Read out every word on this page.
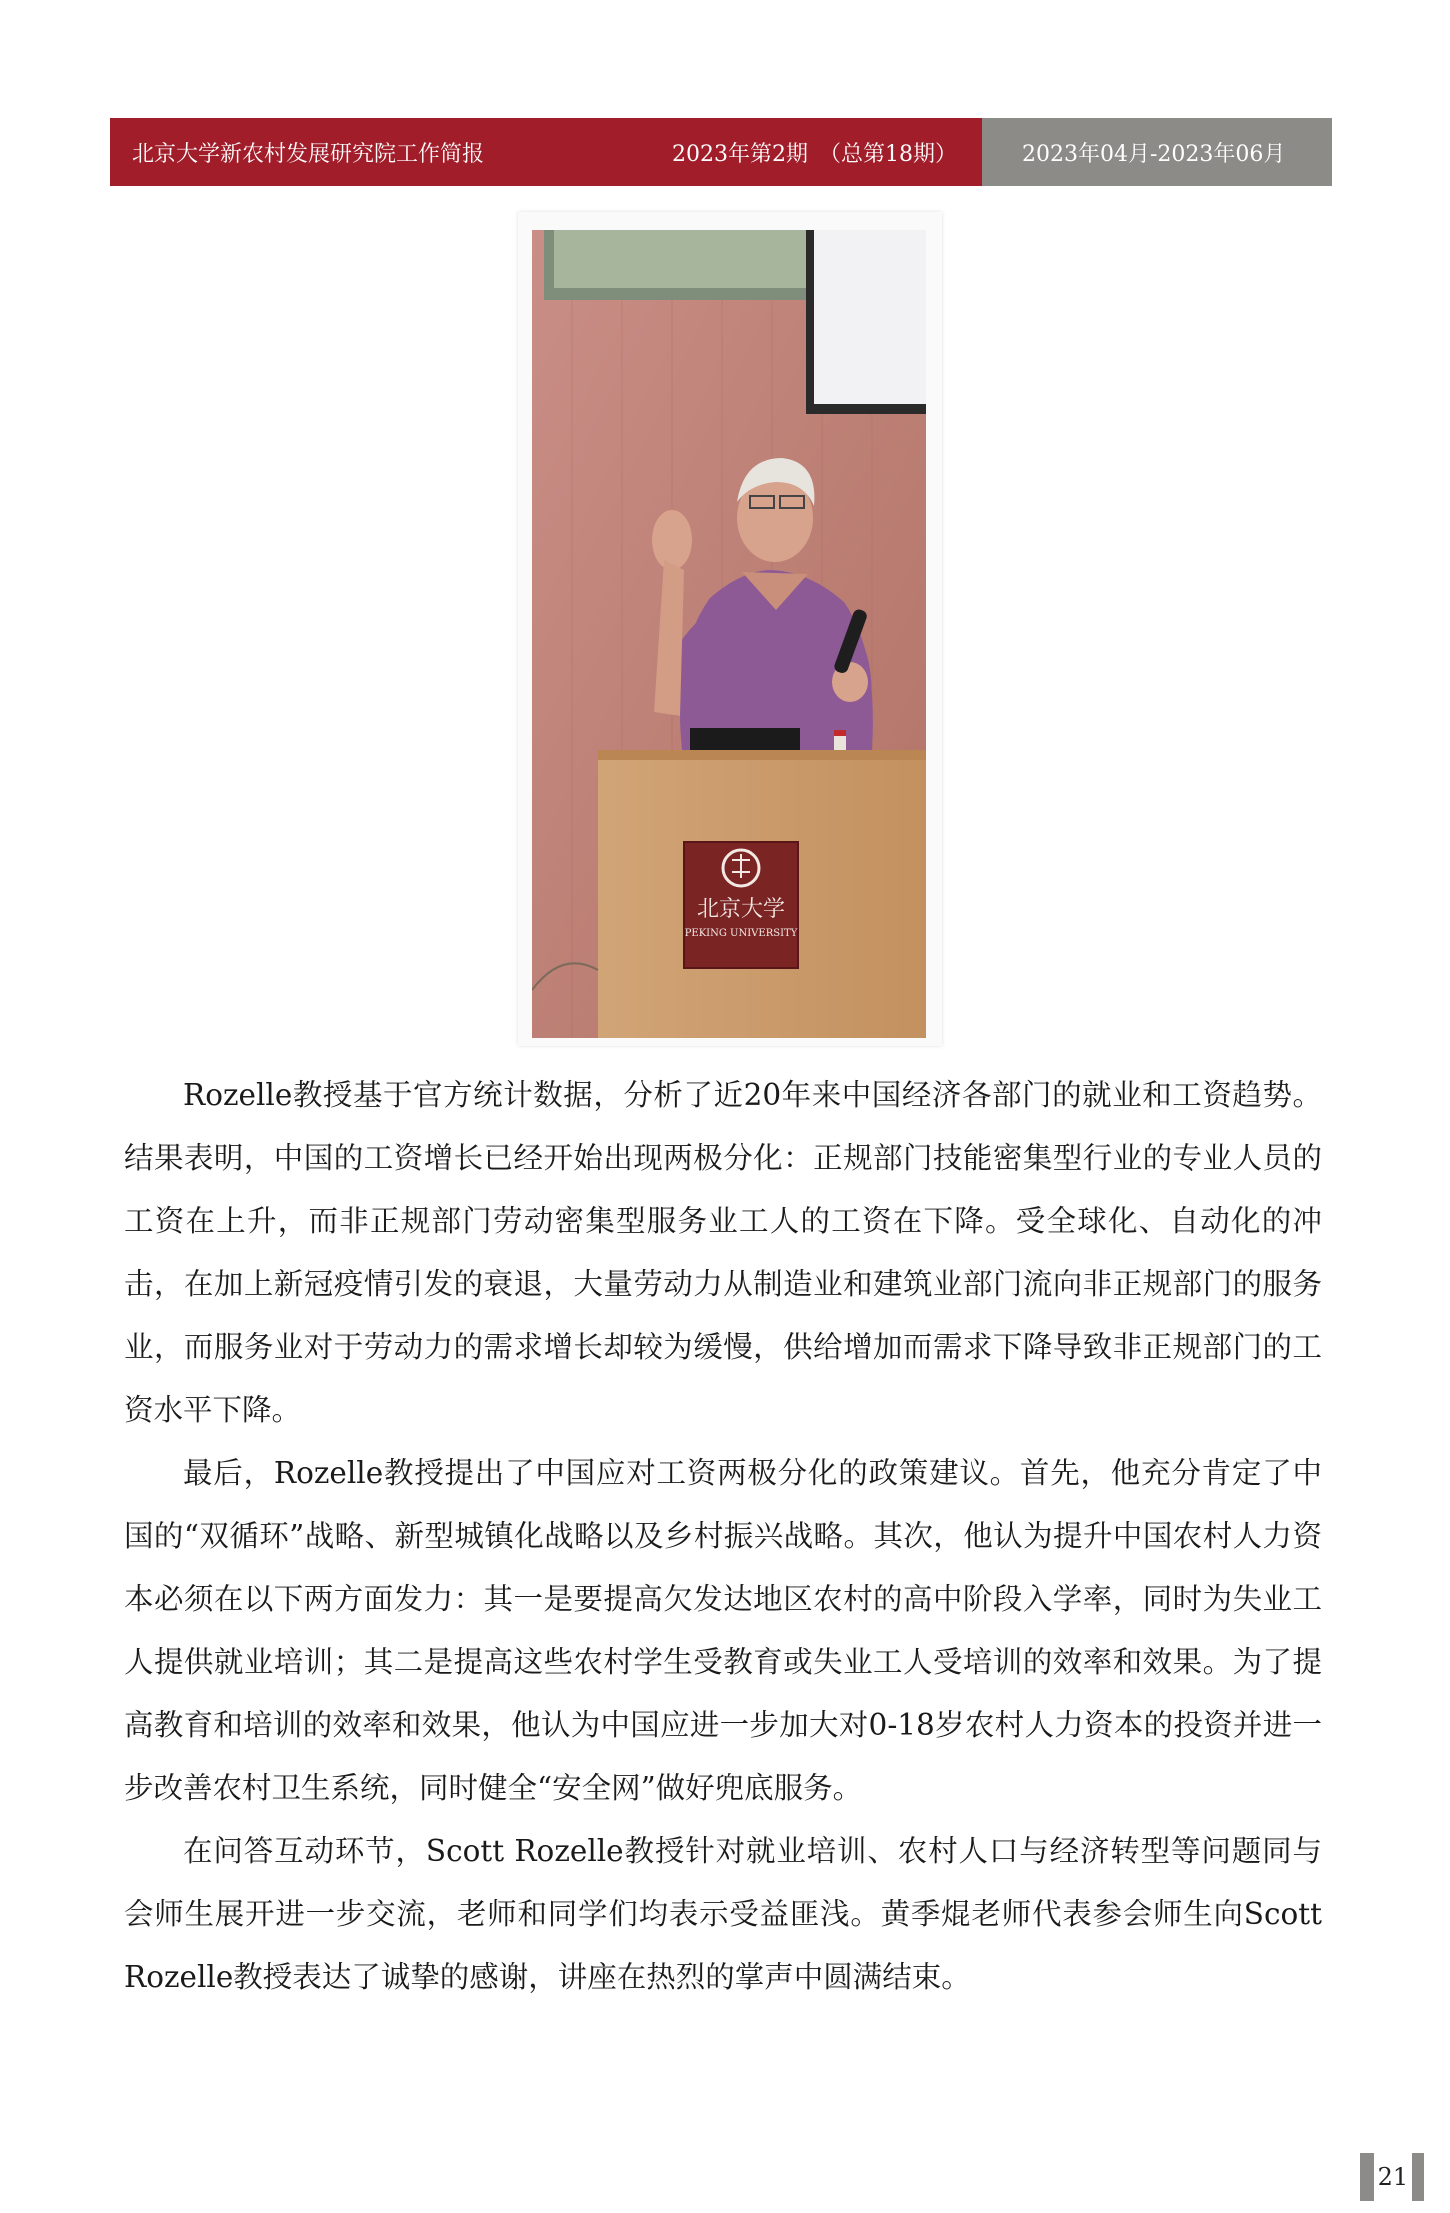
北京大学新农村发展研究院工作简报	2023年第2期　（总第18期）	2023年04月-2023年06月
北京大学
PEKING UNIVERSITY

Rozelle教授基于官方统计数据，分析了近20年来中国经济各部门的就业和工资趋势。结果表明，中国的工资增长已经开始出现两极分化：正规部门技能密集型行业的专业人员的工资在上升，而非正规部门劳动密集型服务业工人的工资在下降。受全球化、自动化的冲击，在加上新冠疫情引发的衰退，大量劳动力从制造业和建筑业部门流向非正规部门的服务业，而服务业对于劳动力的需求增长却较为缓慢，供给增加而需求下降导致非正规部门的工资水平下降。

最后，Rozelle教授提出了中国应对工资两极分化的政策建议。首先，他充分肯定了中国的“双循环”战略、新型城镇化战略以及乡村振兴战略。其次，他认为提升中国农村人力资本必须在以下两方面发力：其一是要提高欠发达地区农村的高中阶段入学率，同时为失业工人提供就业培训；其二是提高这些农村学生受教育或失业工人受培训的效率和效果。为了提高教育和培训的效率和效果，他认为中国应进一步加大对0-18岁农村人力资本的投资并进一步改善农村卫生系统，同时健全“安全网”做好兜底服务。

在问答互动环节，Scott Rozelle教授针对就业培训、农村人口与经济转型等问题同与会师生展开进一步交流，老师和同学们均表示受益匪浅。黄季焜老师代表参会师生向Scott Rozelle教授表达了诚挚的感谢，讲座在热烈的掌声中圆满结束。

21
